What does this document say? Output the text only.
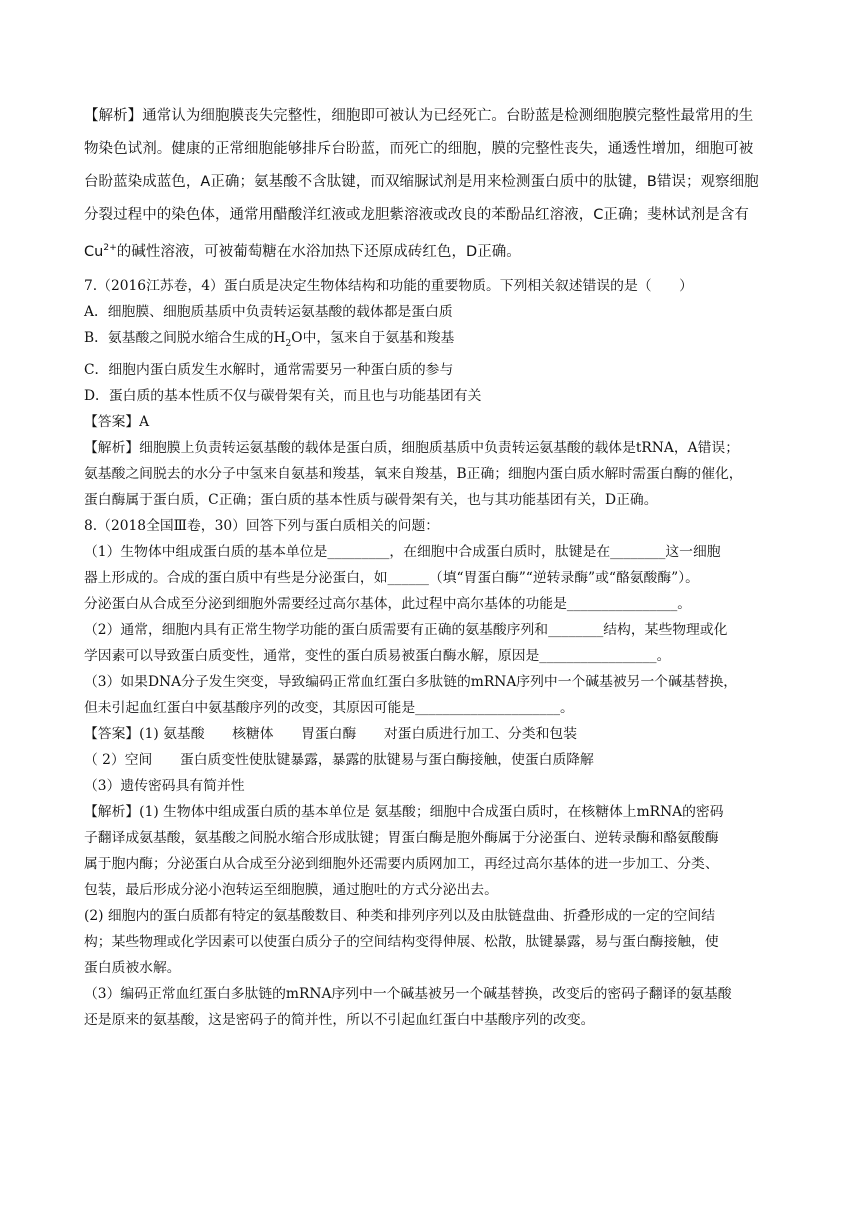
【解析】通常认为细胞膜丧失完整性，细胞即可被认为已经死亡。台盼蓝是检测细胞膜完整性最常用的生

物染色试剂。健康的正常细胞能够排斥台盼蓝，而死亡的细胞，膜的完整性丧失，通透性增加，细胞可被

台盼蓝染成蓝色，A正确；氨基酸不含肽键，而双缩脲试剂是用来检测蛋白质中的肽键，B错误；观察细胞

分裂过程中的染色体，通常用醋酸洋红液或龙胆紫溶液或改良的苯酚品红溶液，C正确；斐林试剂是含有

$Cu^{2+}$的碱性溶液，可被葡萄糖在水浴加热下还原成砖红色，D正确。

7.（2016江苏卷，4）蛋白质是决定生物体结构和功能的重要物质。下列相关叙述错误的是（　　）

A．细胞膜、细胞质基质中负责转运氨基酸的载体都是蛋白质

B．氨基酸之间脱水缩合生成的$H_2O$中，氢来自于氨基和羧基

C．细胞内蛋白质发生水解时，通常需要另一种蛋白质的参与

D．蛋白质的基本性质不仅与碳骨架有关，而且也与功能基团有关

【答案】A

【解析】细胞膜上负责转运氨基酸的载体是蛋白质，细胞质基质中负责转运氨基酸的载体是tRNA，A错误；

氨基酸之间脱去的水分子中氢来自氨基和羧基，氧来自羧基，B正确；细胞内蛋白质水解时需蛋白酶的催化，

蛋白酶属于蛋白质，C正确；蛋白质的基本性质与碳骨架有关，也与其功能基团有关，D正确。

8.（2018全国Ⅲ卷，30）回答下列与蛋白质相关的问题：

（1）生物体中组成蛋白质的基本单位是_________，在细胞中合成蛋白质时，肽键是在________这一细胞

器上形成的。合成的蛋白质中有些是分泌蛋白，如______（填“胃蛋白酶”“逆转录酶”或“酪氨酸酶”）。

分泌蛋白从合成至分泌到细胞外需要经过高尔基体，此过程中高尔基体的功能是________________。

（2）通常，细胞内具有正常生物学功能的蛋白质需要有正确的氨基酸序列和________结构，某些物理或化

学因素可以导致蛋白质变性，通常，变性的蛋白质易被蛋白酶水解，原因是_________________。

（3）如果DNA分子发生突变，导致编码正常血红蛋白多肽链的mRNA序列中一个碱基被另一个碱基替换，

但未引起血红蛋白中氨基酸序列的改变，其原因可能是_____________________。

【答案】(1) 氨基酸　　核糖体　　胃蛋白酶　　对蛋白质进行加工、分类和包装

（ 2）空间　　蛋白质变性使肽键暴露，暴露的肽键易与蛋白酶接触，使蛋白质降解

（3）遗传密码具有简并性

【解析】(1) 生物体中组成蛋白质的基本单位是 氨基酸；细胞中合成蛋白质时，在核糖体上mRNA的密码

子翻译成氨基酸，氨基酸之间脱水缩合形成肽键；胃蛋白酶是胞外酶属于分泌蛋白、逆转录酶和酪氨酸酶

属于胞内酶；分泌蛋白从合成至分泌到细胞外还需要内质网加工，再经过高尔基体的进一步加工、分类、

包装，最后形成分泌小泡转运至细胞膜，通过胞吐的方式分泌出去。

(2) 细胞内的蛋白质都有特定的氨基酸数目、种类和排列序列以及由肽链盘曲、折叠形成的一定的空间结

构；某些物理或化学因素可以使蛋白质分子的空间结构变得伸展、松散，肽键暴露，易与蛋白酶接触，使

蛋白质被水解。

（3）编码正常血红蛋白多肽链的mRNA序列中一个碱基被另一个碱基替换，改变后的密码子翻译的氨基酸

还是原来的氨基酸，这是密码子的简并性，所以不引起血红蛋白中基酸序列的改变。
